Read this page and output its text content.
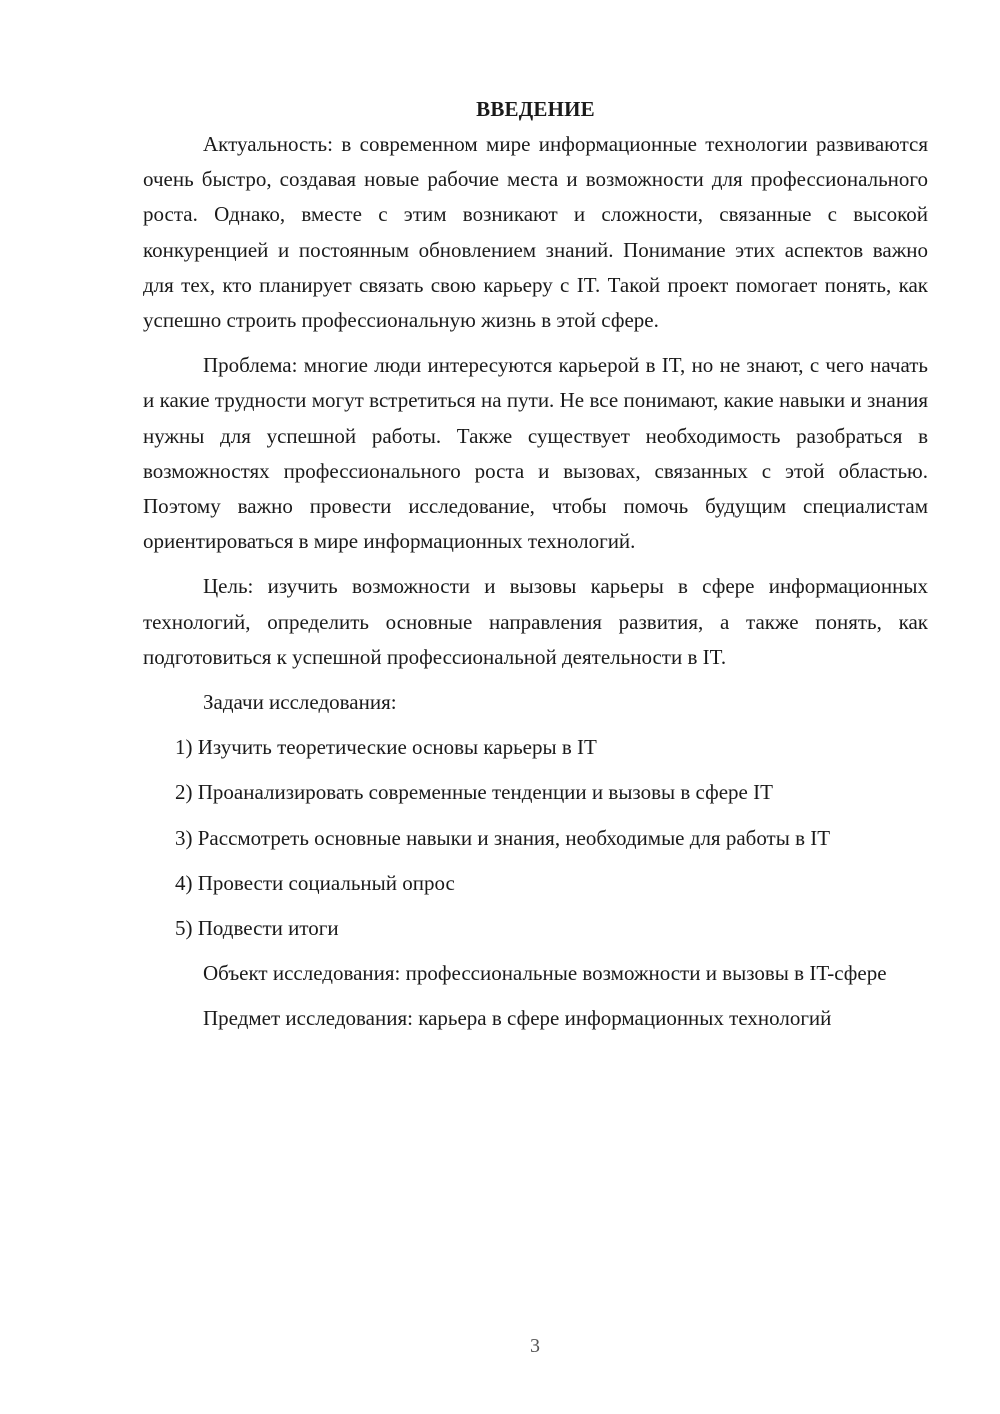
ВВЕДЕНИЕ

Актуальность: в современном мире информационные технологии развиваются очень быстро, создавая новые рабочие места и возможности для профессионального роста. Однако, вместе с этим возникают и сложности, связанные с высокой конкуренцией и постоянным обновлением знаний. Понимание этих аспектов важно для тех, кто планирует связать свою карьеру с IT. Такой проект помогает понять, как успешно строить профессиональную жизнь в этой сфере.

Проблема: многие люди интересуются карьерой в IT, но не знают, с чего начать и какие трудности могут встретиться на пути. Не все понимают, какие навыки и знания нужны для успешной работы. Также существует необходимость разобраться в возможностях профессионального роста и вызовах, связанных с этой областью. Поэтому важно провести исследование, чтобы помочь будущим специалистам ориентироваться в мире информационных технологий.

Цель: изучить возможности и вызовы карьеры в сфере информационных технологий, определить основные направления развития, а также понять, как подготовиться к успешной профессиональной деятельности в IT.

Задачи исследования:

1) Изучить теоретические основы карьеры в IT

2) Проанализировать современные тенденции и вызовы в сфере IT

3) Рассмотреть основные навыки и знания, необходимые для работы в IT

4) Провести социальный опрос

5) Подвести итоги

Объект исследования: профессиональные возможности и вызовы в IT-сфере

Предмет исследования: карьера в сфере информационных технологий

3
